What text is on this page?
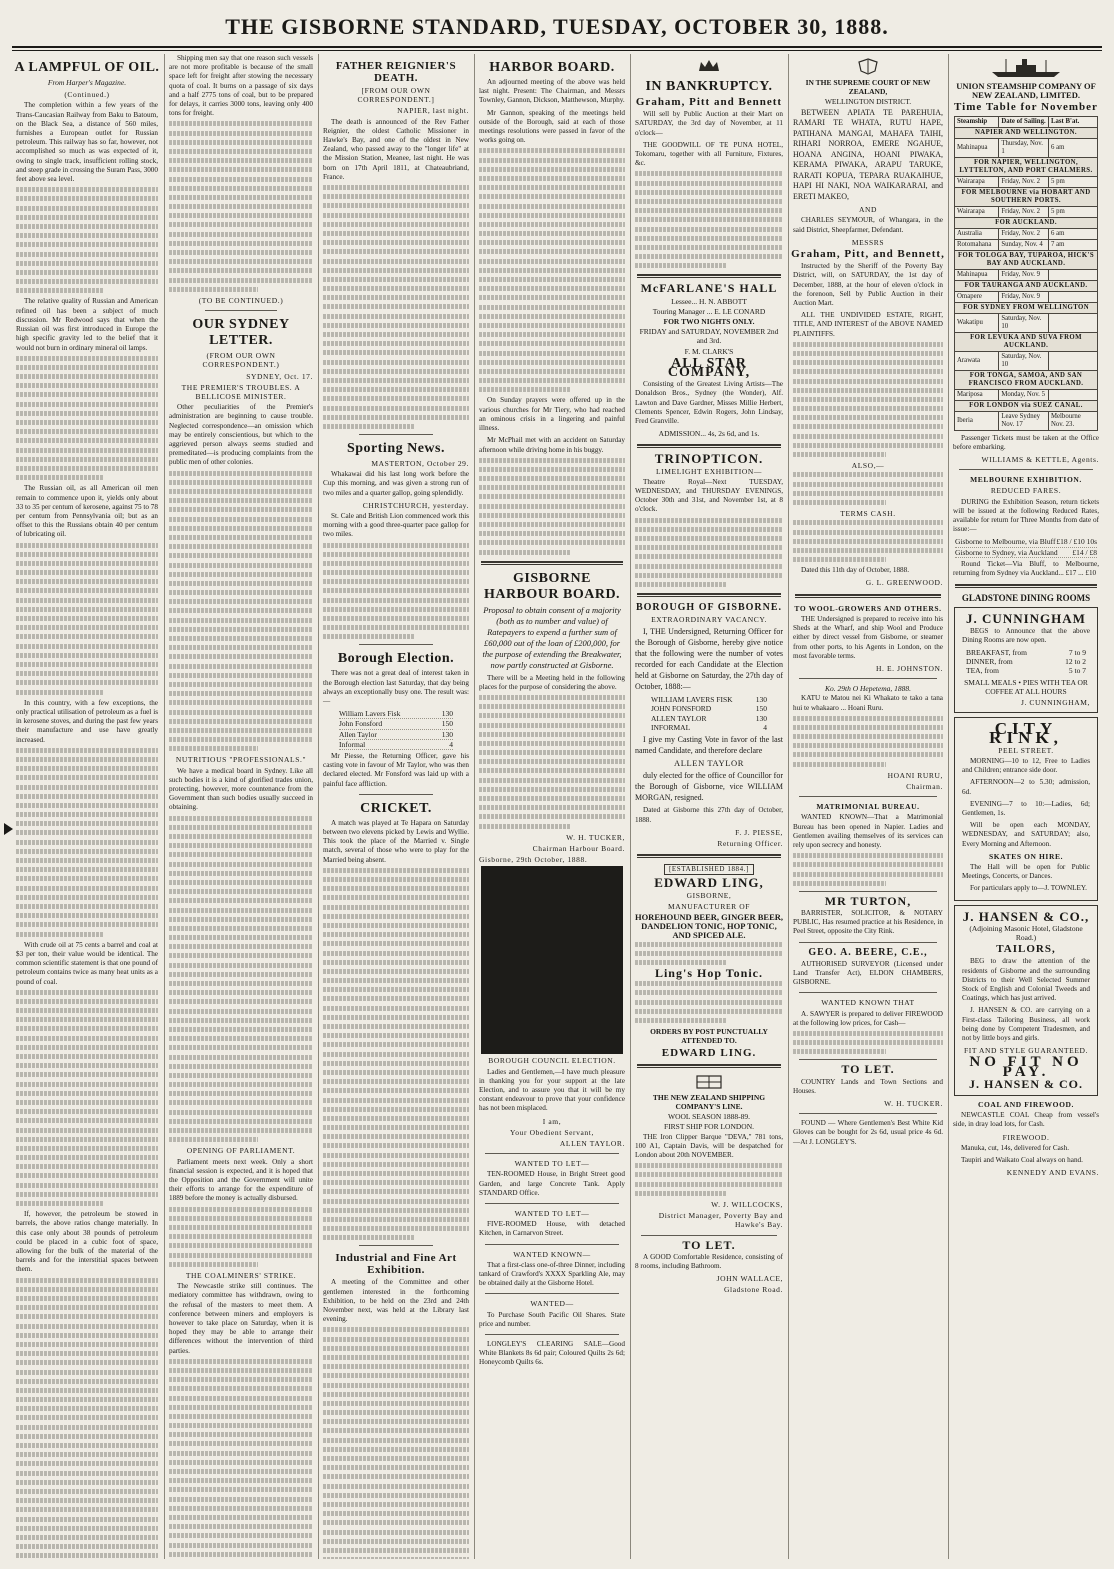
THE GISBORNE STANDARD, TUESDAY, OCTOBER 30, 1888.
A LAMPFUL OF OIL.
From Harper's Magazine.
(Continued.)

The completion within a few years of the Trans-Caucasian Railway from Baku to Batoum, on the Black Sea, a distance of 560 miles, furnishes a European outlet for Russian petroleum. This railway has so far, however, not accomplished so much as was expected of it, owing to single track, insufficient rolling stock, and steep grade in crossing the Suram Pass, 3000 feet above sea level.

The relative quality of Russian and American refined oil has been a subject of much discussion. Mr Redwood says that when the Russian oil was first introduced in Europe the high specific gravity led to the belief that it would not burn in ordinary mineral oil lamps.

The Russian oil, as all American oil men remain to commence upon it, yields only about 33 to 35 per centum of kerosene, against 75 to 78 per centum from Pennsylvania oil; but as an offset to this the Russians obtain 40 per centum of lubricating oil.

In this country, with a few exceptions, the only practical utilisation of petroleum as a fuel is in kerosene stoves, and during the past few years their manufacture and use have greatly increased.

With crude oil at 75 cents a barrel and coal at $3 per ton, their value would be identical. The common scientific statement is that one pound of petroleum contains twice as many heat units as a pound of coal.

If, however, the petroleum be stowed in barrels, the above ratios change materially. In this case only about 38 pounds of petroleum could be placed in a cubic foot of space, allowing for the bulk of the material of the barrels and for the interstitial spaces between them.

Shipping men say that one reason such vessels are not more profitable is because of the small space left for freight after stowing the necessary quota of coal. It burns on a passage of six days and a half 2775 tons of coal, but to be prepared for delays, it carries 3000 tons, leaving only 400 tons for freight.

(TO BE CONTINUED.)
OUR SYDNEY LETTER.
(FROM OUR OWN CORRESPONDENT.)
SYDNEY, Oct. 17.
THE PREMIER'S TROUBLES. A BELLICOSE MINISTER.

Other peculiarities of the Premier's administration are beginning to cause trouble. Neglected correspondence—an omission which may be entirely conscientious, but which to the aggrieved person always seems studied and premeditated—is producing complaints from the public men of other colonies.

NUTRITIOUS "PROFESSIONALS."

We have a medical board in Sydney. Like all such bodies it is a kind of glorified trades union, protecting, however, more countenance from the Government than such bodies usually succeed in obtaining.

OPENING OF PARLIAMENT.

Parliament meets next week. Only a short financial session is expected, and it is hoped that the Opposition and the Government will unite their efforts to arrange for the expenditure of 1889 before the money is actually disbursed.

THE COALMINERS' STRIKE.

The Newcastle strike still continues. The mediatory committee has withdrawn, owing to the refusal of the masters to meet them. A conference between miners and employers is however to take place on Saturday, when it is hoped they may be able to arrange their differences without the intervention of third parties.

FATHER REIGNIER'S DEATH.
[FROM OUR OWN CORRESPONDENT.]
NAPIER, last night.

The death is announced of the Rev Father Reignier, the oldest Catholic Missioner in Hawke's Bay, and one of the oldest in New Zealand, who passed away to the "longer life" at the Mission Station, Meanee, last night. He was born on 17th April 1811, at Chateaubriand, France.

Sporting News.
MASTERTON, October 29.

Whakawai did his last long work before the Cup this morning, and was given a strong run of two miles and a quarter gallop, going splendidly.

CHRISTCHURCH, yesterday.

St. Cale and British Lion commenced work this morning with a good three-quarter pace gallop for two miles.

Borough Election.

There was not a great deal of interest taken in the Borough election last Saturday, that day being always an exceptionally busy one. The result was:—

William Lavers Fisk	130
John Fonsford	150
Allen Taylor	130
Informal	4

Mr Piesse, the Returning Officer, gave his casting vote in favour of Mr Taylor, who was then declared elected. Mr Fonsford was laid up with a painful face affliction.

CRICKET.

A match was played at Te Hapara on Saturday between two elevens picked by Lewis and Wyllie. This took the place of the Married v. Single match, several of those who were to play for the Married being absent.

Industrial and Fine Art Exhibition.

A meeting of the Committee and other gentlemen interested in the forthcoming Exhibition, to be held on the 23rd and 24th November next, was held at the Library last evening.

HARBOR BOARD.

An adjourned meeting of the above was held last night. Present: The Chairman, and Messrs Townley, Gannon, Dickson, Matthewson, Murphy.

Mr Gannon, speaking of the meetings held outside of the Borough, said at each of those meetings resolutions were passed in favor of the works going on.

On Sunday prayers were offered up in the various churches for Mr Tiery, who had reached an ominous crisis in a lingering and painful illness.

Mr McPhail met with an accident on Saturday afternoon while driving home in his buggy.

GISBORNE HARBOUR BOARD.

Proposal to obtain consent of a majority (both as to number and value) of Ratepayers to expend a further sum of £60,000 out of the loan of £200,000, for the purpose of extending the Breakwater, now partly constructed at Gisborne.

There will be a Meeting held in the following places for the purpose of considering the above.

W. H. TUCKER,
Chairman Harbour Board.
Gisborne, 29th October, 1888.
BOROUGH COUNCIL ELECTION.

Ladies and Gentlemen,—I have much pleasure in thanking you for your support at the late Election, and to assure you that it will be my constant endeavour to prove that your confidence has not been misplaced.

I am,
Your Obedient Servant,
ALLEN TAYLOR.
WANTED TO LET—

TEN-ROOMED House, in Bright Street good Garden, and large Concrete Tank. Apply STANDARD Office.

WANTED TO LET—

FIVE-ROOMED House, with detached Kitchen, in Carnarvon Street.

WANTED KNOWN—

That a first-class one-of-three Dinner, including tankard of Crawford's XXXX Sparkling Ale, may be obtained daily at the Gisborne Hotel.

WANTED—

To Purchase South Pacific Oil Shares. State price and number.

LONGLEY'S CLEARING SALE—Good White Blankets 8s 6d pair; Coloured Quilts 2s 6d; Honeycomb Quilts 6s.

IN BANKRUPTCY.
Graham, Pitt and Bennett

Will sell by Public Auction at their Mart on SATURDAY, the 3rd day of November, at 11 o'clock—

THE GOODWILL OF TE PUNA HOTEL, Tokomaru, together with all Furniture, Fixtures, &c.

McFARLANE'S HALL
Lessee... H. N. ABBOTT
Touring Manager ... E. LE CONARD
FOR TWO NIGHTS ONLY.
FRIDAY and SATURDAY, NOVEMBER 2nd and 3rd.
F. M. CLARK'S
ALL STAR COMPANY,

Consisting of the Greatest Living Artists—The Donaldson Bros., Sydney (the Wonder), Alf. Lawton and Dave Gardner, Misses Millie Herbert, Clements Spencer, Edwin Rogers, John Lindsay, Fred Granville.

ADMISSION... 4s, 2s 6d, and 1s.
TRINOPTICON.
LIMELIGHT EXHIBITION—

Theatre Royal—Next TUESDAY, WEDNESDAY, and THURSDAY EVENINGS, October 30th and 31st, and November 1st, at 8 o'clock.

BOROUGH OF GISBORNE.
EXTRAORDINARY VACANCY.

I, THE Undersigned, Returning Officer for the Borough of Gisborne, hereby give notice that the following were the number of votes recorded for each Candidate at the Election held at Gisborne on Saturday, the 27th day of October, 1888:—

WILLIAM LAVERS FISK	130
JOHN FONSFORD	150
ALLEN TAYLOR	130
INFORMAL	4

I give my Casting Vote in favor of the last named Candidate, and therefore declare

ALLEN TAYLOR

duly elected for the office of Councillor for the Borough of Gisborne, vice WILLIAM MORGAN, resigned.

Dated at Gisborne this 27th day of October, 1888.

F. J. PIESSE,
Returning Officer.
[ESTABLISHED 1884.]
EDWARD LING,
GISBORNE,
MANUFACTURER OF
HOREHOUND BEER, GINGER BEER, DANDELION TONIC, HOP TONIC, AND SPICED ALE.
Ling's Hop Tonic.
ORDERS BY POST PUNCTUALLY ATTENDED TO.
EDWARD LING.
THE NEW ZEALAND SHIPPING COMPANY'S LINE.
WOOL SEASON 1888-89.
FIRST SHIP FOR LONDON.

THE Iron Clipper Barque "DEVA," 781 tons, 100 A1, Captain Davis, will be despatched for London about 20th NOVEMBER.

W. J. WILLCOCKS,
District Manager, Poverty Bay and Hawke's Bay.
TO LET.

A GOOD Comfortable Residence, consisting of 8 rooms, including Bathroom.

JOHN WALLACE,
Gladstone Road.
IN THE SUPREME COURT OF NEW ZEALAND,
WELLINGTON DISTRICT.

BETWEEN APIATA TE PAREHUIA, RAMARI TE WHATA, RUTU HAPE, PATIHANA MANGAI, MAHAFA TAIHI, RIHARI NORROA, EMERE NGAHUE, HOANA ANGINA, HOANI PIWAKA, KERAMA PIWAKA, ARAPU TARUKE, RARATI KOPUA, TEPARA RUAKAIHUE, HAPI HI NAKI, NOA WAIKARARAI, and ERETI MAKEO,

AND

CHARLES SEYMOUR, of Whangara, in the said District, Sheepfarmer, Defendant.

MESSRS
Graham, Pitt, and Bennett,

Instructed by the Sheriff of the Poverty Bay District, will, on SATURDAY, the 1st day of December, 1888, at the hour of eleven o'clock in the forenoon, Sell by Public Auction in their Auction Mart.

ALL THE UNDIVIDED ESTATE, RIGHT, TITLE, AND INTEREST of the ABOVE NAMED PLAINTIFFS.

ALSO,—
TERMS CASH.

Dated this 11th day of October, 1888.

G. L. GREENWOOD.
TO WOOL-GROWERS AND OTHERS.

THE Undersigned is prepared to receive into his Sheds at the Wharf, and ship Wool and Produce either by direct vessel from Gisborne, or steamer from other ports, to his Agents in London, on the most favorable terms.

H. E. JOHNSTON.
Ko. 29th O Hepetema, 1888.

KATU te Matou nei Ki Whakato te tako a tana hui te whakaaro ... Hoani Ruru.

HOANI RURU,
Chairman.
MATRIMONIAL BUREAU.

WANTED KNOWN—That a Matrimonial Bureau has been opened in Napier. Ladies and Gentlemen availing themselves of its services can rely upon secrecy and honesty.

MR TURTON,

BARRISTER, SOLICITOR, & NOTARY PUBLIC, Has resumed practice at his Residence, in Peel Street, opposite the City Rink.

GEO. A. BEERE, C.E.,

AUTHORISED SURVEYOR (Licensed under Land Transfer Act), ELDON CHAMBERS, GISBORNE.

WANTED KNOWN THAT

A. SAWYER is prepared to deliver FIREWOOD at the following low prices, for Cash—

TO LET.

COUNTRY Lands and Town Sections and Houses.

W. H. TUCKER.

FOUND — Where Gentlemen's Best White Kid Gloves can be bought for 2s 6d, usual price 4s 6d.—At J. LONGLEY'S.

UNION STEAMSHIP COMPANY OF NEW ZEALAND, LIMITED.
Time Table for November
Steamship	Date of Sailing.	Last B'at.
NAPIER AND WELLINGTON.		
Mahinapua	Thursday, Nov. 1	6 am
FOR NAPIER, WELLINGTON, LYTTELTON, AND PORT CHALMERS.		
Wairarapa	Friday, Nov. 2	5 pm
FOR MELBOURNE via HOBART AND SOUTHERN PORTS.		
Wairarapa	Friday, Nov. 2	5 pm
FOR AUCKLAND.		
Australia	Friday, Nov. 2	6 am
Rotomahana	Sunday, Nov. 4	7 am
FOR TOLOGA BAY, TUPAROA, HICK'S BAY AND AUCKLAND.		
Mahinapua	Friday, Nov. 9	
FOR TAURANGA AND AUCKLAND.		
Omapere	Friday, Nov. 9	
FOR SYDNEY FROM WELLINGTON		
Wakatipu	Saturday, Nov. 10	
FOR LEVUKA AND SUVA FROM AUCKLAND.		
Arawata	Saturday, Nov. 10	
FOR TONGA, SAMOA, AND SAN FRANCISCO FROM AUCKLAND.		
Mariposa	Monday, Nov. 5	
FOR LONDON via SUEZ CANAL.		
Iberia	Leave Sydney Nov. 17	Melbourne Nov. 23.

Passenger Tickets must be taken at the Office before embarking.

WILLIAMS & KETTLE, Agents.
MELBOURNE EXHIBITION.
REDUCED FARES.

DURING the Exhibition Season, return tickets will be issued at the following Reduced Rates, available for return for Three Months from date of issue:—

Gisborne to Melbourne, via Bluff £18 / £10 10s
Gisborne to Sydney, via Auckland £14 / £8

Round Ticket—Via Bluff, to Melbourne, returning from Sydney via Auckland... £17 ... £10

GLADSTONE DINING ROOMS
J. CUNNINGHAM

BEGS to Announce that the above Dining Rooms are now open.

BREAKFAST, from	7 to 9
DINNER, from	12 to 2
TEA, from	5 to 7
SMALL MEALS • PIES WITH TEA OR COFFEE AT ALL HOURS
J. CUNNINGHAM,
CITY RINK,
PEEL STREET.

MORNING—10 to 12, Free to Ladies and Children; entrance side door.

AFTERNOON—2 to 5.30; admission, 6d.

EVENING—7 to 10:—Ladies, 6d; Gentlemen, 1s.

Will be open each MONDAY, WEDNESDAY, and SATURDAY; also, Every Morning and Afternoon.

SKATES ON HIRE.

The Hall will be open for Public Meetings, Concerts, or Dances.

For particulars apply to—J. TOWNLEY.

J. HANSEN & CO.,
(Adjoining Masonic Hotel, Gladstone Road.)
TAILORS,

BEG to draw the attention of the residents of Gisborne and the surrounding Districts to their Well Selected Summer Stock of English and Colonial Tweeds and Coatings, which has just arrived.

J. HANSEN & CO. are carrying on a First-class Tailoring Business, all work being done by Competent Tradesmen, and not by little boys and girls.

FIT AND STYLE GUARANTEED.
NO FIT NO PAY.
J. HANSEN & CO.
COAL AND FIREWOOD.

NEWCASTLE COAL Cheap from vessel's side, in dray load lots, for Cash.

FIREWOOD.

Manuka, cut, 14s, delivered for Cash.

Taupiri and Waikato Coal always on hand.

KENNEDY AND EVANS.
